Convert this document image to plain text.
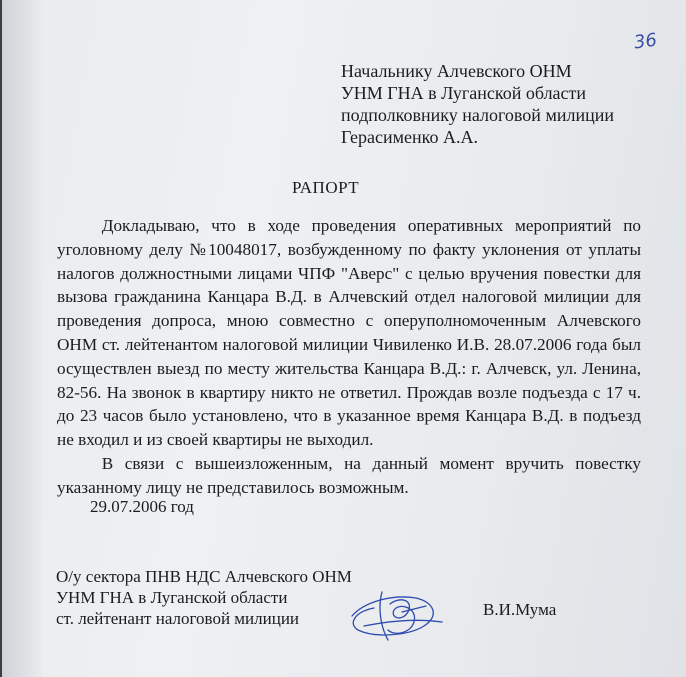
36
Начальнику Алчевского ОНМ
УНМ ГНА в Луганской области
подполковнику налоговой милиции
Герасименко А.А.
РАПОРТ

Докладываю, что в ходе проведения оперативных мероприятий по уголовному делу №10048017, возбужденному по факту уклонения от уплаты налогов должностными лицами ЧПФ "Аверс" с целью вручения повестки для вызова гражданина Канцара В.Д. в Алчевский отдел налоговой милиции для проведения допроса, мною совместно с оперуполномоченным Алчевского ОНМ ст. лейтенантом налоговой милиции Чивиленко И.В. 28.07.2006 года был осуществлен выезд по месту жительства Канцара В.Д.: г. Алчевск, ул. Ленина, 82-56. На звонок в квартиру никто не ответил. Прождав возле подъезда с 17 ч. до 23 часов было установлено, что в указанное время Канцара В.Д. в подъезд не входил и из своей квартиры не выходил.

В связи с вышеизложенным, на данный момент вручить повестку указанному лицу не представилось возможным.

29.07.2006 год
О/у сектора ПНВ НДС Алчевского ОНМ
УНМ ГНА в Луганской области
ст. лейтенант налоговой милиции	В.И.Мума
